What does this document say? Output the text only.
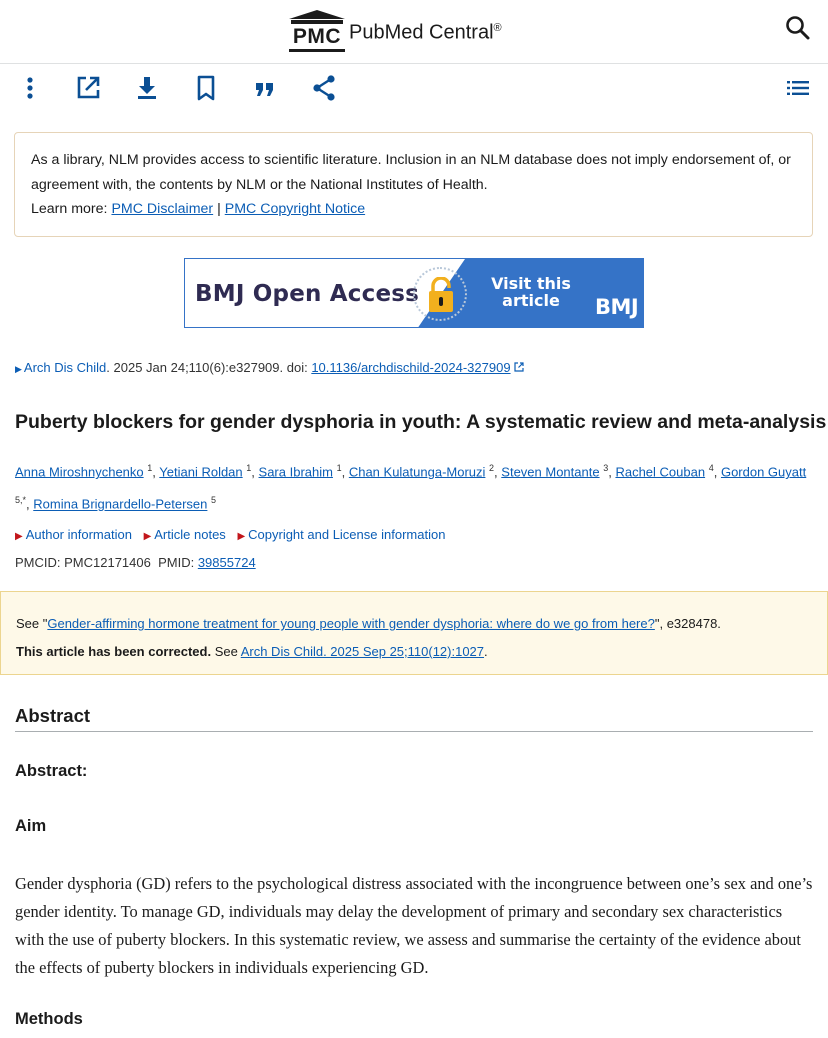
PMC PubMed Central®
As a library, NLM provides access to scientific literature. Inclusion in an NLM database does not imply endorsement of, or agreement with, the contents by NLM or the National Institutes of Health.
Learn more: PMC Disclaimer | PMC Copyright Notice
BMJ Open Access	Visit this
article	BMJ
▶ Arch Dis Child. 2025 Jan 24;110(6):e327909. doi: 10.1136/archdischild-2024-327909
Puberty blockers for gender dysphoria in youth: A systematic review and meta-analysis
Anna Miroshnychenko $^1$, Yetiani Roldan $^1$, Sara Ibrahim $^1$, Chan Kulatunga-Moruzi $^2$, Steven Montante $^3$, Rachel Couban $^4$, Gordon Guyatt $^{5,*}$, Romina Brignardello-Petersen $^5$
▶ Author information ▶ Article notes ▶ Copyright and License information
PMCID: PMC12171406 PMID: 39855724
See "Gender-affirming hormone treatment for young people with gender dysphoria: where do we go from here?", e328478.
This article has been corrected. See Arch Dis Child. 2025 Sep 25;110(12):1027.
Abstract
Abstract:
Aim

Gender dysphoria (GD) refers to the psychological distress associated with the incongruence between one’s sex and one’s gender identity. To manage GD, individuals may delay the development of primary and secondary sex characteristics with the use of puberty blockers. In this systematic review, we assess and summarise the certainty of the evidence about the effects of puberty blockers in individuals experiencing GD.

Methods
